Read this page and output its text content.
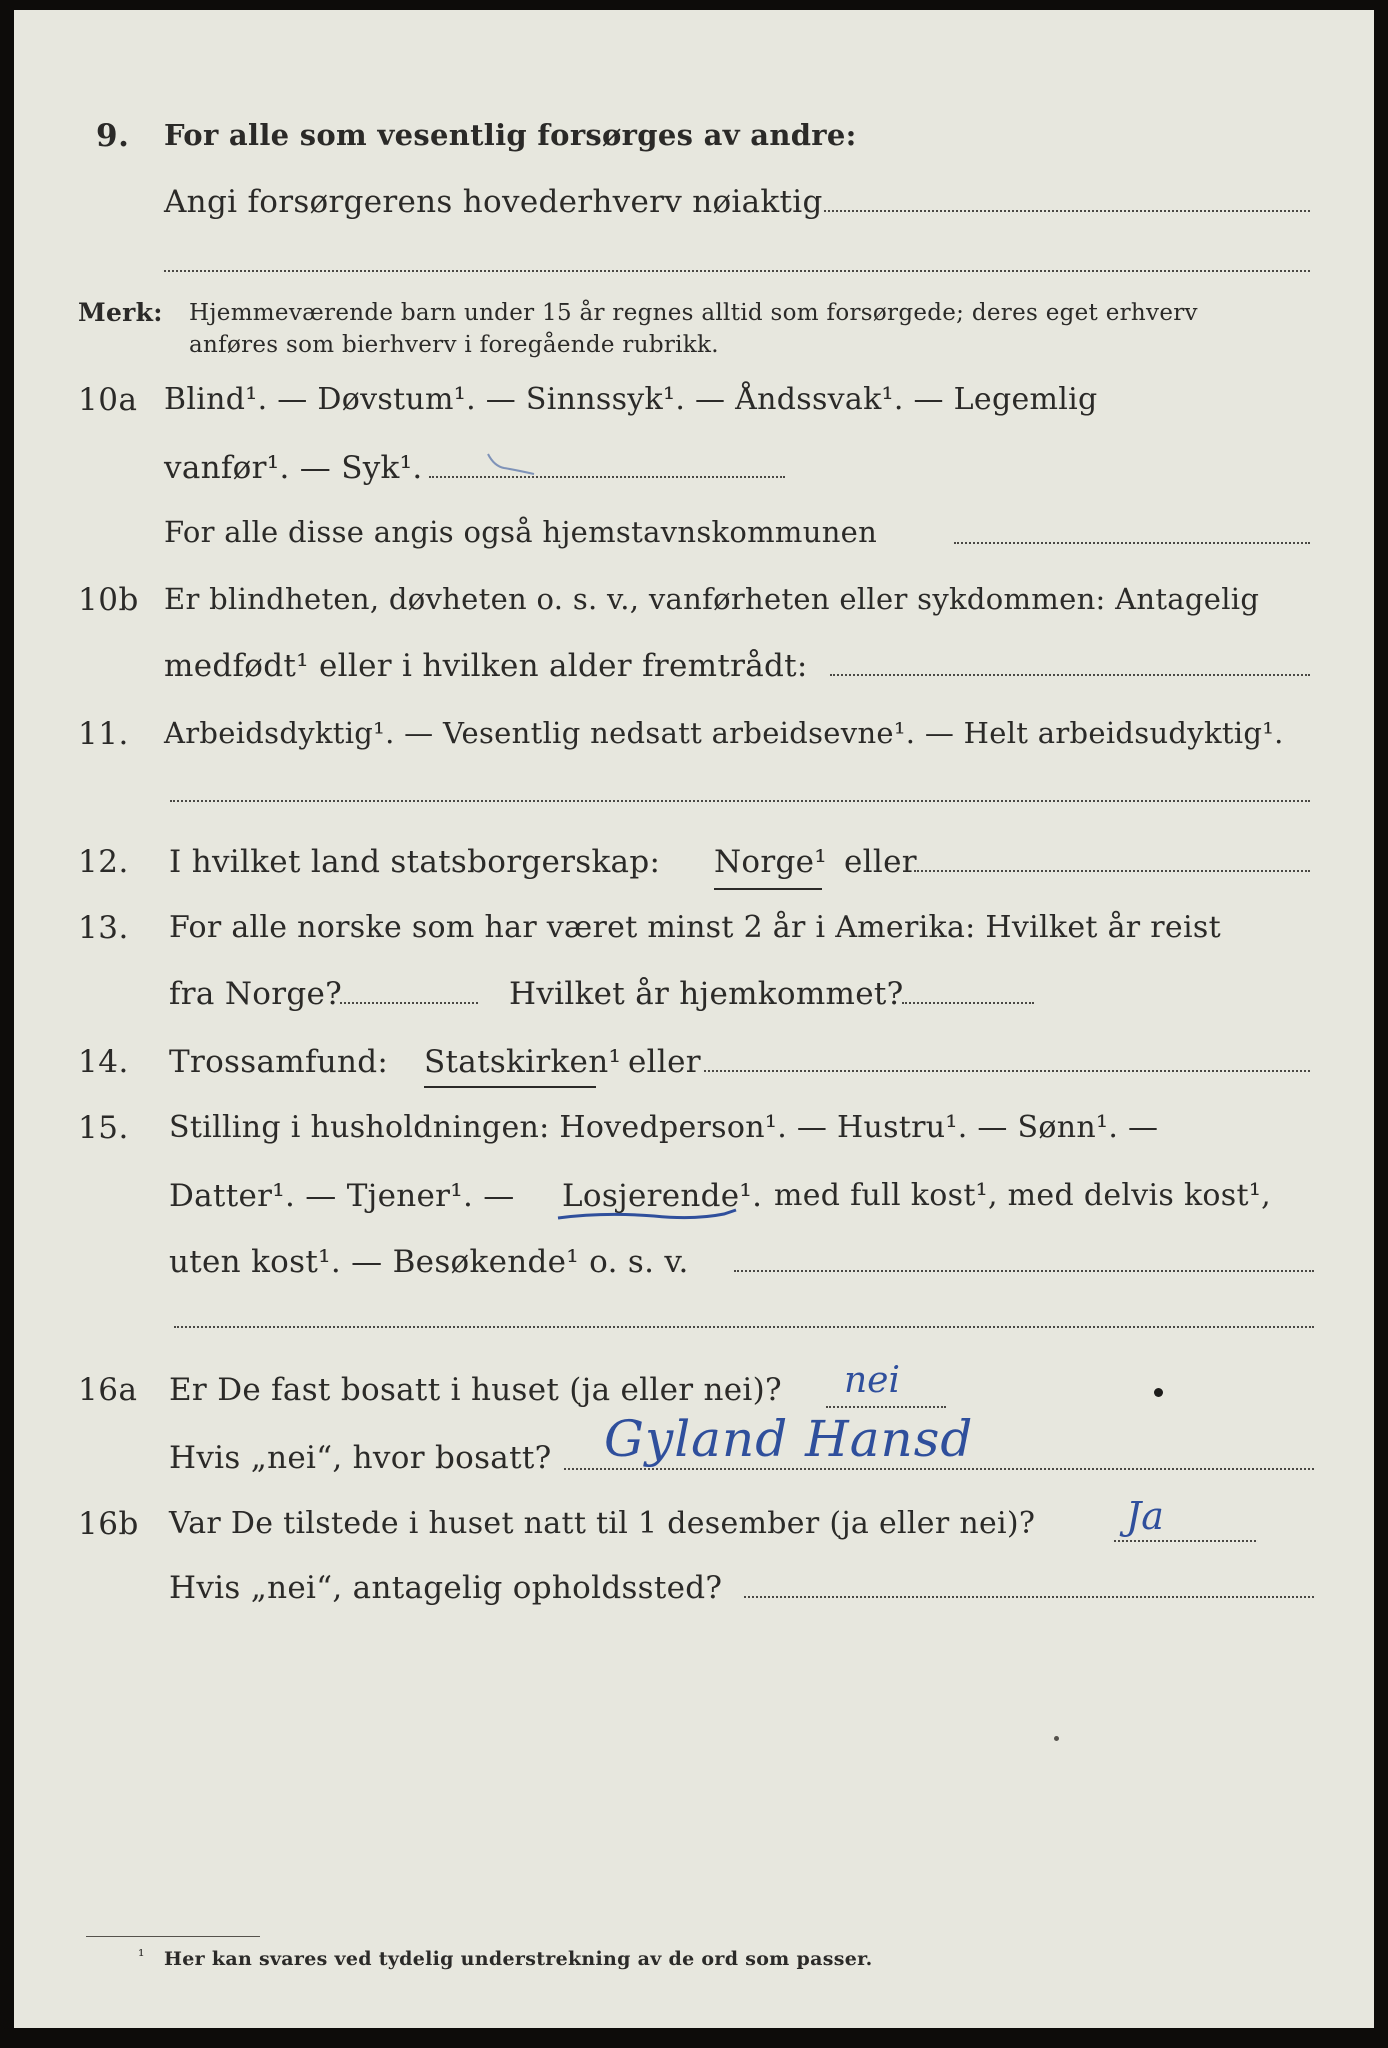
9. For alle som vesentlig forsørges av andre:
Angi forsørgerens hovederhverv nøiaktig
Merk: Hjemmeværende barn under 15 år regnes alltid som forsørgede; deres eget erhverv
anføres som bierhverv i foregående rubrikk.
10a Blind¹. — Døvstum¹. — Sinnssyk¹. — Åndssvak¹. — Legemlig
vanfør¹. — Syk¹.
For alle disse angis også hjemstavnskommunen
10b Er blindheten, døvheten o. s. v., vanførheten eller sykdommen: Antagelig
medfødt¹ eller i hvilken alder fremtrådt:
11. Arbeidsdyktig¹. — Vesentlig nedsatt arbeidsevne¹. — Helt arbeidsudyktig¹.
12. I hvilket land statsborgerskap: Norge¹ eller
13. For alle norske som har været minst 2 år i Amerika: Hvilket år reist
fra Norge?	Hvilket år hjemkommet?
14. Trossamfund: Statskirken¹ eller
15. Stilling i husholdningen: Hovedperson¹. — Hustru¹. — Sønn¹. —
Datter¹. — Tjener¹. — Losjerende¹. med full kost¹, med delvis kost¹,
uten kost¹. — Besøkende¹ o. s. v.
16a Er De fast bosatt i huset (ja eller nei)? nei
Hvis „nei“, hvor bosatt? Gyland Hansd
16b Var De tilstede i huset natt til 1 desember (ja eller nei)? Ja
Hvis „nei“, antagelig opholdssted?
¹ Her kan svares ved tydelig understrekning av de ord som passer.
